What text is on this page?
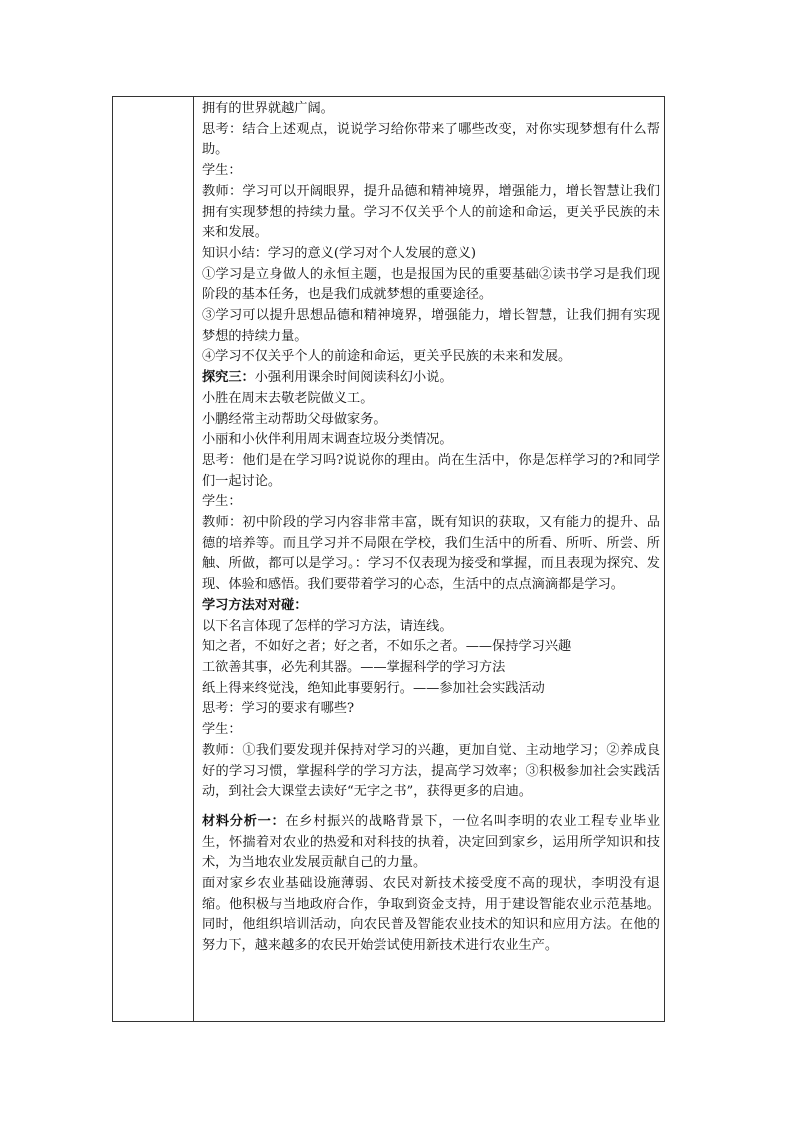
拥有的世界就越广阔。

思考：结合上述观点，说说学习给你带来了哪些改变，对你实现梦想有什么帮助。

学生：

教师：学习可以开阔眼界，提升品德和精神境界，增强能力，增长智慧让我们拥有实现梦想的持续力量。学习不仅关乎个人的前途和命运，更关乎民族的未来和发展。

知识小结：学习的意义(学习对个人发展的意义)

①学习是立身做人的永恒主题，也是报国为民的重要基础②读书学习是我们现阶段的基本任务，也是我们成就梦想的重要途径。

③学习可以提升思想品德和精神境界，增强能力，增长智慧，让我们拥有实现梦想的持续力量。

④学习不仅关乎个人的前途和命运，更关乎民族的未来和发展。

探究三：小强利用课余时间阅读科幻小说。

小胜在周末去敬老院做义工。

小鹏经常主动帮助父母做家务。

小丽和小伙伴利用周末调查垃圾分类情况。

思考：他们是在学习吗?说说你的理由。尚在生活中，你是怎样学习的?和同学们一起讨论。

学生：

教师：初中阶段的学习内容非常丰富，既有知识的获取，又有能力的提升、品德的培养等。而且学习并不局限在学校，我们生活中的所看、所听、所尝、所触、所做，都可以是学习。：学习不仅表现为接受和掌握，而且表现为探究、发现、体验和感悟。我们要带着学习的心态，生活中的点点滴滴都是学习。

学习方法对对碰：

以下名言体现了怎样的学习方法，请连线。

知之者，不如好之者；好之者，不如乐之者。——保持学习兴趣

工欲善其事，必先利其器。——掌握科学的学习方法

纸上得来终觉浅，绝知此事要躬行。——参加社会实践活动

思考：学习的要求有哪些?

学生：

教师：①我们要发现并保持对学习的兴趣，更加自觉、主动地学习；②养成良好的学习习惯，掌握科学的学习方法，提高学习效率；③积极参加社会实践活动，到社会大课堂去读好“无字之书”，获得更多的启迪。

材料分析一：在乡村振兴的战略背景下，一位名叫李明的农业工程专业毕业生，怀揣着对农业的热爱和对科技的执着，决定回到家乡，运用所学知识和技术，为当地农业发展贡献自己的力量。

面对家乡农业基础设施薄弱、农民对新技术接受度不高的现状，李明没有退缩。他积极与当地政府合作，争取到资金支持，用于建设智能农业示范基地。同时，他组织培训活动，向农民普及智能农业技术的知识和应用方法。在他的努力下，越来越多的农民开始尝试使用新技术进行农业生产。
